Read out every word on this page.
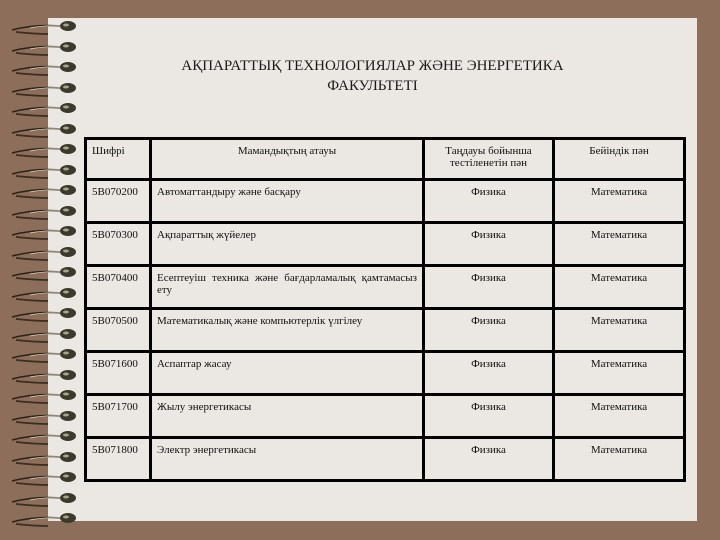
АҚПАРАТТЫҚ ТЕХНОЛОГИЯЛАР ЖӘНЕ ЭНЕРГЕТИКА
ФАКУЛЬТЕТІ
Шифрі	Мамандықтың атауы	Таңдауы бойынша тестіленетін пән	Бейіндік пән
5В070200	Автоматтандыру және басқару	Физика	Математика
5В070300	Ақпараттық жүйелер	Физика	Математика
5В070400	Есептеуіш техника және бағдарламалық қамтамасыз ету	Физика	Математика
5В070500	Математикалық және компьютерлік үлгілеу	Физика	Математика
5В071600	Аспаптар жасау	Физика	Математика
5В071700	Жылу энергетикасы	Физика	Математика
5В071800	Электр энергетикасы	Физика	Математика
